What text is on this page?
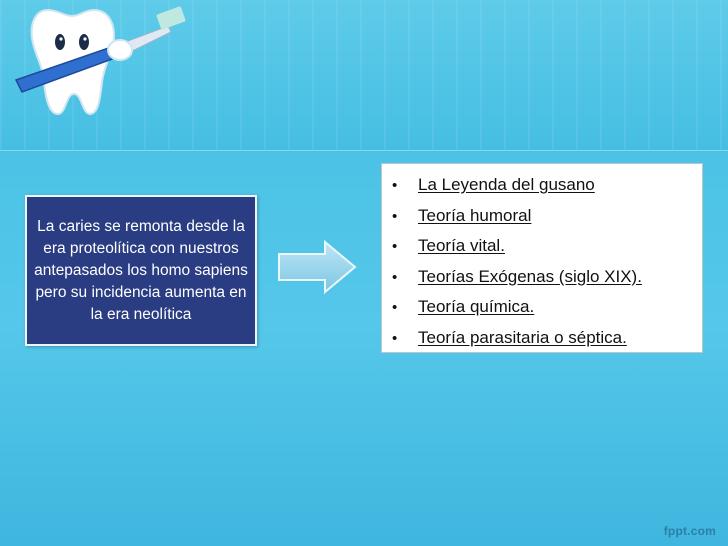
La caries se remonta desde la era proteolítica con nuestros antepasados los homo sapiens pero su incidencia aumenta en la era neolítica
•	La Leyenda del gusano
•	Teoría humoral
•	Teoría vital.
•	Teorías Exógenas (siglo XIX).
•	Teoría química.
•	Teoría parasitaria o séptica.
fppt.com
